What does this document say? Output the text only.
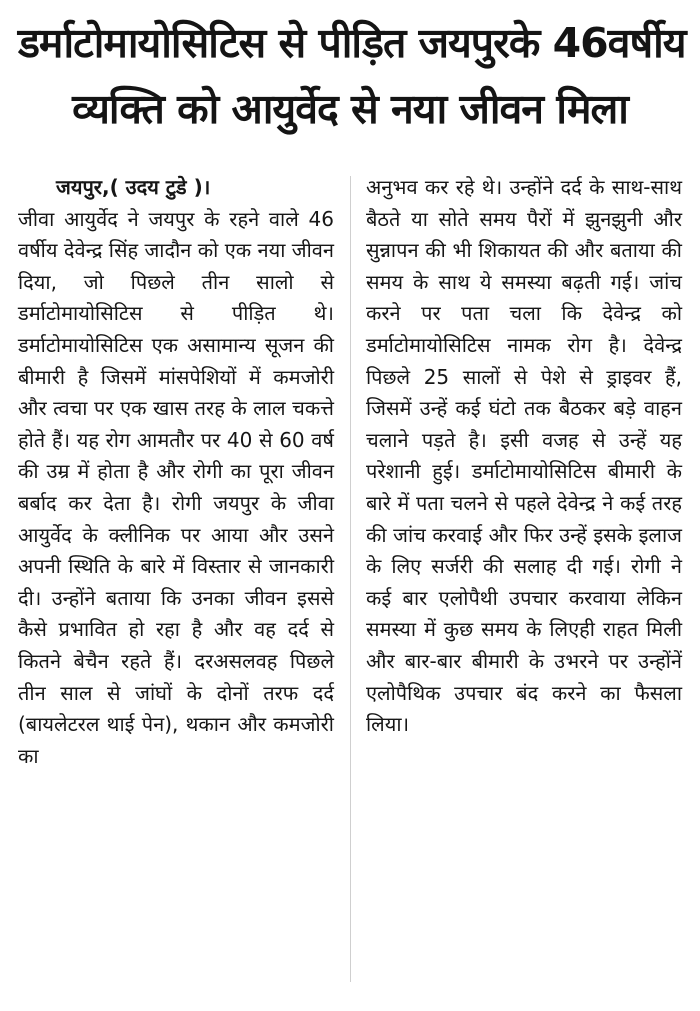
डर्माटोमायोसिटिस से पीड़ित जयपुरके 46वर्षीय
व्यक्ति को आयुर्वेद से नया जीवन मिला
जयपुर,( उदय टुडे )।
जीवा आयुर्वेद ने जयपुर के रहने वाले 46 वर्षीय देवेन्द्र सिंह जादौन को एक नया जीवन दिया, जो पिछले तीन सालो से डर्माटोमायोसिटिस से पीड़ित थे। डर्माटोमायोसिटिस एक असामान्य सूजन की बीमारी है जिसमें मांसपेशियों में कमजोरी और त्वचा पर एक खास तरह के लाल चकत्ते होते हैं। यह रोग आमतौर पर 40 से 60 वर्ष की उम्र में होता है और रोगी का पूरा जीवन बर्बाद कर देता है। रोगी जयपुर के जीवा आयुर्वेद के क्लीनिक पर आया और उसने अपनी स्थिति के बारे में विस्तार से जानकारी दी। उन्होंने बताया कि उनका जीवन इससे कैसे प्रभावित हो रहा है और वह दर्द से कितने बेचैन रहते हैं। दरअसलवह पिछले तीन साल से जांघों के दोनों तरफ दर्द (बायलेटरल थाई पेन), थकान और कमजोरी का
अनुभव कर रहे थे। उन्होंने दर्द के साथ-साथ बैठते या सोते समय पैरों में झुनझुनी और सुन्नापन की भी शिकायत की और बताया की समय के साथ ये समस्या बढ़ती गई। जांच करने पर पता चला कि देवेन्द्र को डर्माटोमायोसिटिस नामक रोग है। देवेन्द्र पिछले 25 सालों से पेशे से ड्राइवर हैं, जिसमें उन्हें कई घंटो तक बैठकर बड़े वाहन चलाने पड़ते है। इसी वजह से उन्हें यह परेशानी हुई। डर्माटोमायोसिटिस बीमारी के बारे में पता चलने से पहले देवेन्द्र ने कई तरह की जांच करवाई और फिर उन्हें इसके इलाज के लिए सर्जरी की सलाह दी गई। रोगी ने कई बार एलोपैथी उपचार करवाया लेकिन समस्या में कुछ समय के लिएही राहत मिली और बार-बार बीमारी के उभरने पर उन्होंनें एलोपैथिक उपचार बंद करने का फैसला लिया।
